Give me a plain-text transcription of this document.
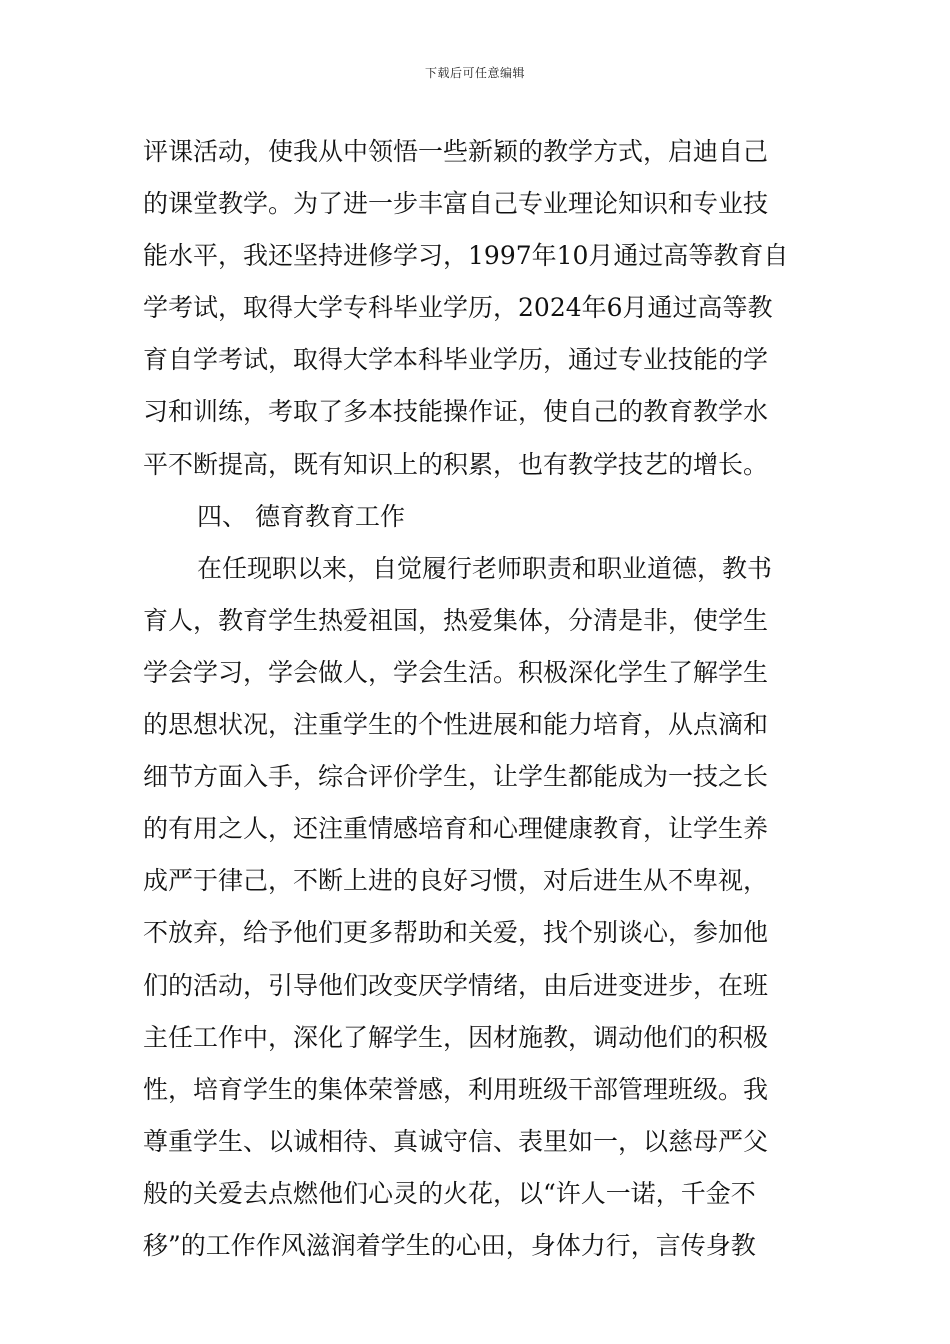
下载后可任意编辑
评课活动，使我从中领悟一些新颖的教学方式，启迪自己
的课堂教学。为了进一步丰富自己专业理论知识和专业技
能水平，我还坚持进修学习，1997年10月通过高等教育自
学考试，取得大学专科毕业学历，2024年6月通过高等教
育自学考试，取得大学本科毕业学历，通过专业技能的学
习和训练，考取了多本技能操作证，使自己的教育教学水
平不断提高，既有知识上的积累，也有教学技艺的增长。
四、 德育教育工作
在任现职以来，自觉履行老师职责和职业道德，教书
育人，教育学生热爱祖国，热爱集体，分清是非，使学生
学会学习，学会做人，学会生活。积极深化学生了解学生
的思想状况，注重学生的个性进展和能力培育，从点滴和
细节方面入手，综合评价学生，让学生都能成为一技之长
的有用之人，还注重情感培育和心理健康教育，让学生养
成严于律己，不断上进的良好习惯，对后进生从不卑视，
不放弃，给予他们更多帮助和关爱，找个别谈心，参加他
们的活动，引导他们改变厌学情绪，由后进变进步，在班
主任工作中，深化了解学生，因材施教，调动他们的积极
性，培育学生的集体荣誉感，利用班级干部管理班级。我
尊重学生、以诚相待、真诚守信、表里如一，以慈母严父
般的关爱去点燃他们心灵的火花，以“许人一诺，千金不
移”的工作作风滋润着学生的心田，身体力行，言传身教
